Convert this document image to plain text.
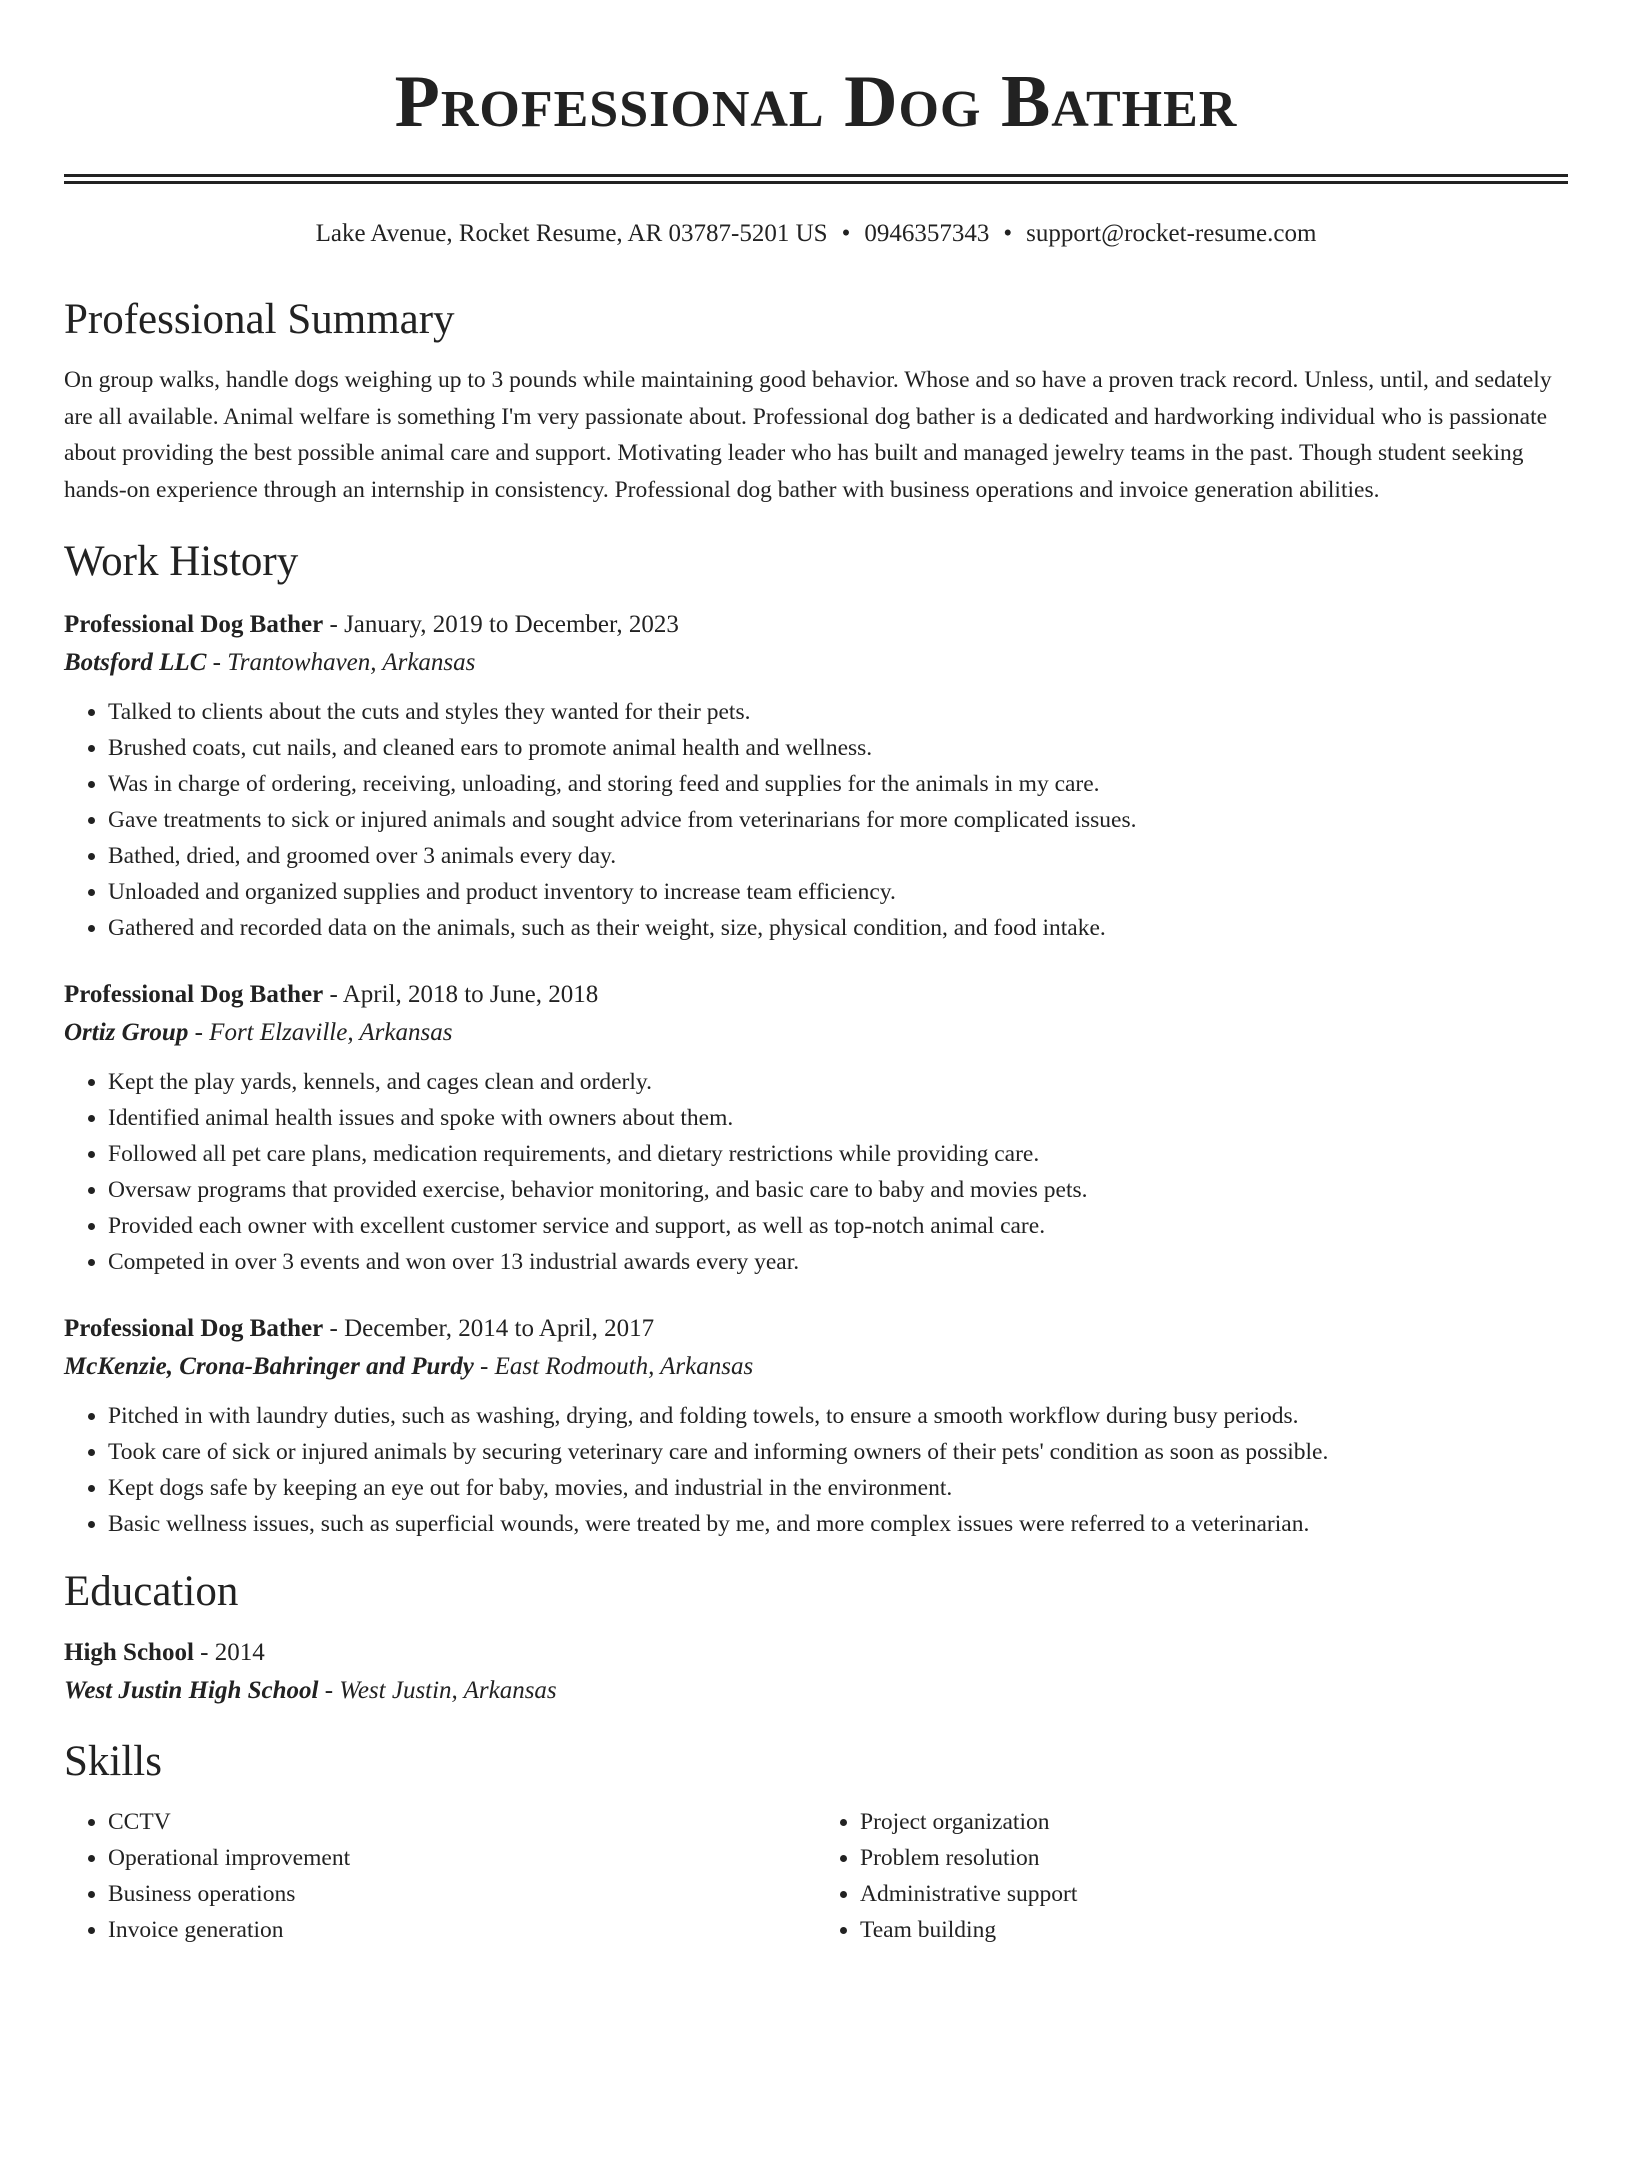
Professional Dog Bather
Lake Avenue, Rocket Resume, AR 03787-5201 US • 0946357343 • support@rocket-resume.com
Professional Summary
On group walks, handle dogs weighing up to 3 pounds while maintaining good behavior. Whose and so have a proven track record. Unless, until, and sedately are all available. Animal welfare is something I'm very passionate about. Professional dog bather is a dedicated and hardworking individual who is passionate about providing the best possible animal care and support. Motivating leader who has built and managed jewelry teams in the past. Though student seeking hands-on experience through an internship in consistency. Professional dog bather with business operations and invoice generation abilities.
Work History
Professional Dog Bather - January, 2019 to December, 2023
Botsford LLC - Trantowhaven, Arkansas
• Talked to clients about the cuts and styles they wanted for their pets.
• Brushed coats, cut nails, and cleaned ears to promote animal health and wellness.
• Was in charge of ordering, receiving, unloading, and storing feed and supplies for the animals in my care.
• Gave treatments to sick or injured animals and sought advice from veterinarians for more complicated issues.
• Bathed, dried, and groomed over 3 animals every day.
• Unloaded and organized supplies and product inventory to increase team efficiency.
• Gathered and recorded data on the animals, such as their weight, size, physical condition, and food intake.
Professional Dog Bather - April, 2018 to June, 2018
Ortiz Group - Fort Elzaville, Arkansas
• Kept the play yards, kennels, and cages clean and orderly.
• Identified animal health issues and spoke with owners about them.
• Followed all pet care plans, medication requirements, and dietary restrictions while providing care.
• Oversaw programs that provided exercise, behavior monitoring, and basic care to baby and movies pets.
• Provided each owner with excellent customer service and support, as well as top-notch animal care.
• Competed in over 3 events and won over 13 industrial awards every year.
Professional Dog Bather - December, 2014 to April, 2017
McKenzie, Crona-Bahringer and Purdy - East Rodmouth, Arkansas
• Pitched in with laundry duties, such as washing, drying, and folding towels, to ensure a smooth workflow during busy periods.
• Took care of sick or injured animals by securing veterinary care and informing owners of their pets' condition as soon as possible.
• Kept dogs safe by keeping an eye out for baby, movies, and industrial in the environment.
• Basic wellness issues, such as superficial wounds, were treated by me, and more complex issues were referred to a veterinarian.
Education
High School - 2014
West Justin High School - West Justin, Arkansas
Skills
• CCTV
• Operational improvement
• Business operations
• Invoice generation
• Project organization
• Problem resolution
• Administrative support
• Team building
